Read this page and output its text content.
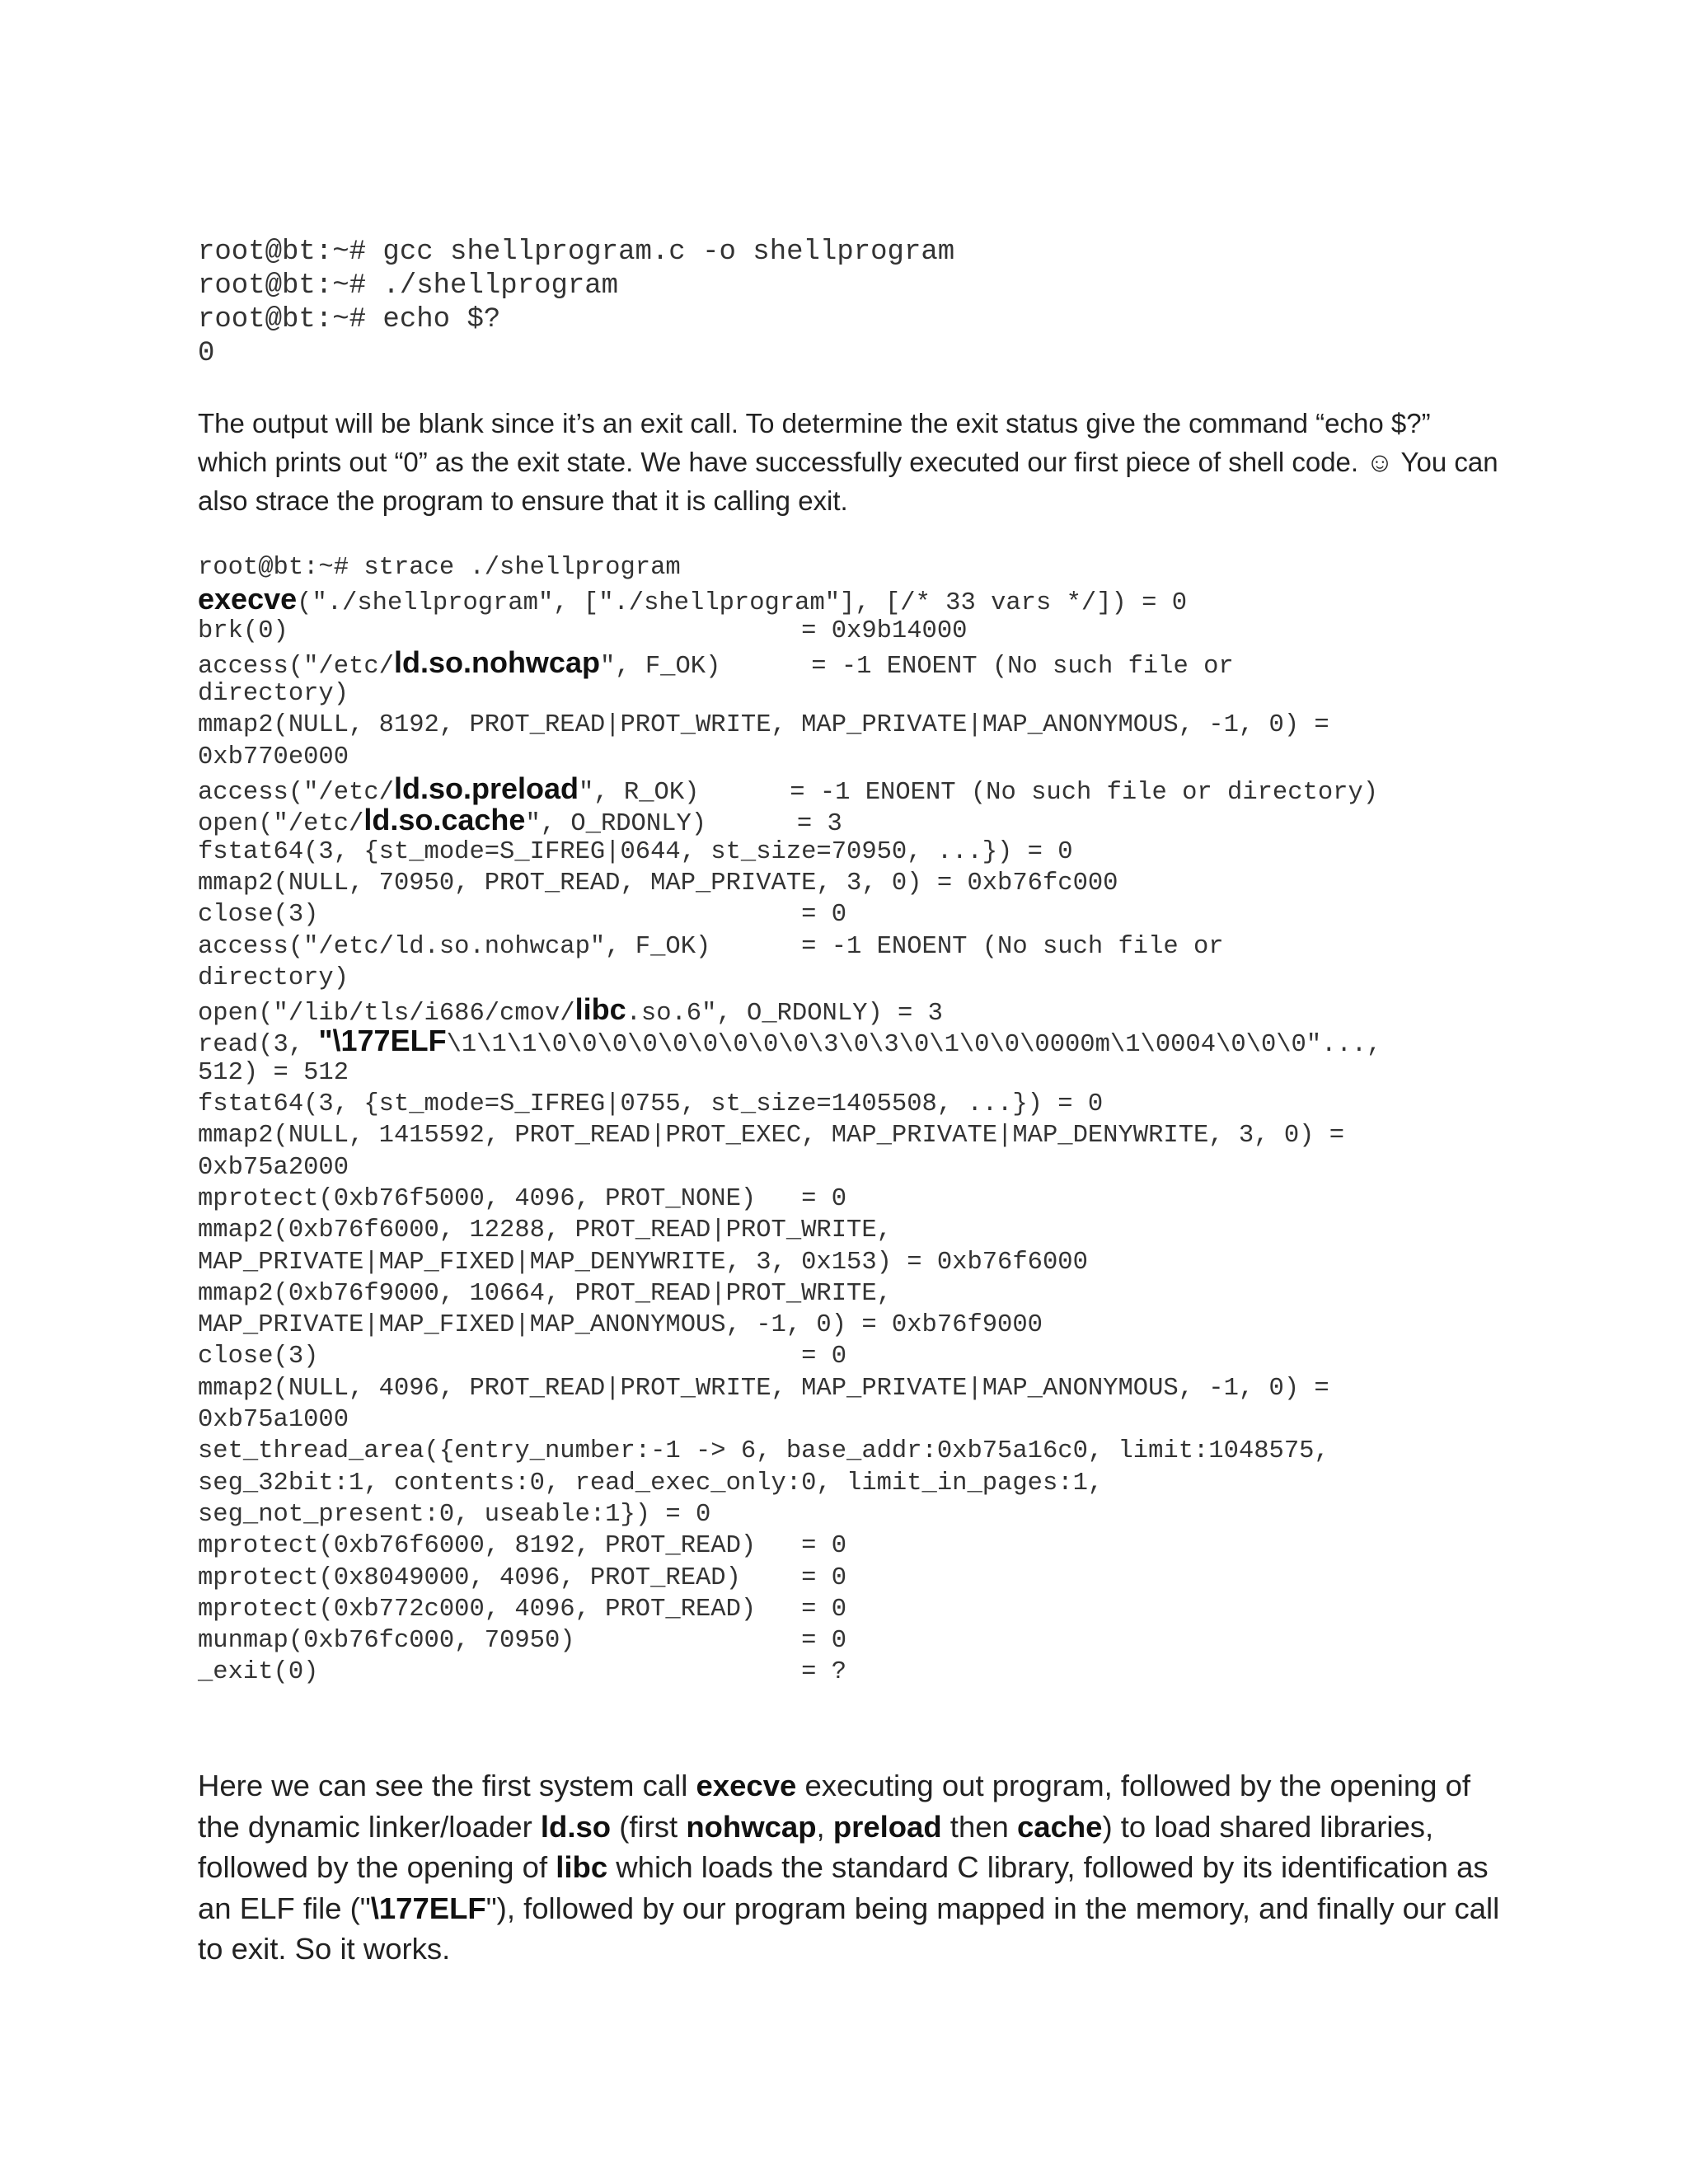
root@bt:~# gcc shellprogram.c -o shellprogram
root@bt:~# ./shellprogram
root@bt:~# echo $?
0

The output will be blank since it’s an exit call. To determine the exit status give the command “echo $?” which prints out “0” as the exit state. We have successfully executed our first piece of shell code. ☺ You can also strace the program to ensure that it is calling exit.

root@bt:~# strace ./shellprogram
execve("./shellprogram", ["./shellprogram"], [/* 33 vars */]) = 0
brk(0)                                  = 0x9b14000
access("/etc/ld.so.nohwcap", F_OK)      = -1 ENOENT (No such file or
directory)
mmap2(NULL, 8192, PROT_READ|PROT_WRITE, MAP_PRIVATE|MAP_ANONYMOUS, -1, 0) =
0xb770e000
access("/etc/ld.so.preload", R_OK)      = -1 ENOENT (No such file or directory)
open("/etc/ld.so.cache", O_RDONLY)      = 3
fstat64(3, {st_mode=S_IFREG|0644, st_size=70950, ...}) = 0
mmap2(NULL, 70950, PROT_READ, MAP_PRIVATE, 3, 0) = 0xb76fc000
close(3)                                = 0
access("/etc/ld.so.nohwcap", F_OK)      = -1 ENOENT (No such file or
directory)
open("/lib/tls/i686/cmov/libc.so.6", O_RDONLY) = 3
read(3, "\177ELF\1\1\1\0\0\0\0\0\0\0\0\0\3\0\3\0\1\0\0\0000m\1\0004\0\0\0"...,
512) = 512
fstat64(3, {st_mode=S_IFREG|0755, st_size=1405508, ...}) = 0
mmap2(NULL, 1415592, PROT_READ|PROT_EXEC, MAP_PRIVATE|MAP_DENYWRITE, 3, 0) =
0xb75a2000
mprotect(0xb76f5000, 4096, PROT_NONE)   = 0
mmap2(0xb76f6000, 12288, PROT_READ|PROT_WRITE,
MAP_PRIVATE|MAP_FIXED|MAP_DENYWRITE, 3, 0x153) = 0xb76f6000
mmap2(0xb76f9000, 10664, PROT_READ|PROT_WRITE,
MAP_PRIVATE|MAP_FIXED|MAP_ANONYMOUS, -1, 0) = 0xb76f9000
close(3)                                = 0
mmap2(NULL, 4096, PROT_READ|PROT_WRITE, MAP_PRIVATE|MAP_ANONYMOUS, -1, 0) =
0xb75a1000
set_thread_area({entry_number:-1 -> 6, base_addr:0xb75a16c0, limit:1048575,
seg_32bit:1, contents:0, read_exec_only:0, limit_in_pages:1,
seg_not_present:0, useable:1}) = 0
mprotect(0xb76f6000, 8192, PROT_READ)   = 0
mprotect(0x8049000, 4096, PROT_READ)    = 0
mprotect(0xb772c000, 4096, PROT_READ)   = 0
munmap(0xb76fc000, 70950)               = 0
_exit(0)                                = ?

Here we can see the first system call execve executing out program, followed by the opening of the dynamic linker/loader ld.so (first nohwcap, preload then cache) to load shared libraries, followed by the opening of libc which loads the standard C library, followed by its identification as an ELF file ("\177ELF"), followed by our program being mapped in the memory, and finally our call to exit. So it works.
